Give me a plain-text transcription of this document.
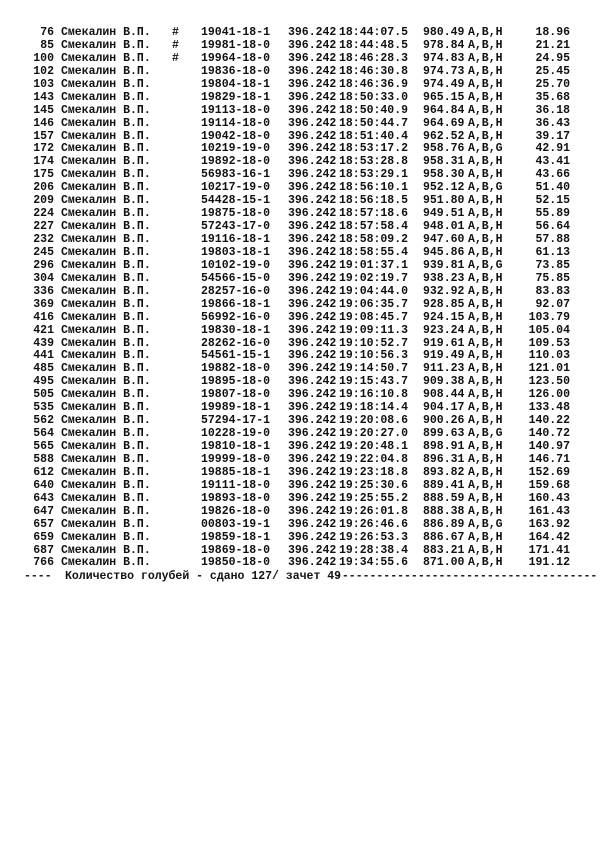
76 Смекалин В.П. # 19041-18-1 396.242 18:44:07.5 980.49 А,В,Н	18.96
85 Смекалин В.П. # 19981-18-0 396.242 18:44:48.5 978.84 А,В,Н	21.21
100 Смекалин В.П. # 19964-18-0 396.242 18:46:28.3 974.83 А,В,Н	24.95
102 Смекалин В.П.	19836-18-0 396.242 18:46:30.8 974.73 А,В,Н	25.45
103 Смекалин В.П.	19804-18-1 396.242 18:46:36.9 974.49 А,В,Н	25.70
143 Смекалин В.П.	19829-18-1 396.242 18:50:33.0 965.15 А,В,Н	35.68
145 Смекалин В.П.	19113-18-0 396.242 18:50:40.9 964.84 А,В,Н	36.18
146 Смекалин В.П.	19114-18-0 396.242 18:50:44.7 964.69 А,В,Н	36.43
157 Смекалин В.П.	19042-18-0 396.242 18:51:40.4 962.52 А,В,Н	39.17
172 Смекалин В.П.	10219-19-0 396.242 18:53:17.2 958.76 А,В,G	42.91
174 Смекалин В.П.	19892-18-0 396.242 18:53:28.8 958.31 А,В,Н	43.41
175 Смекалин В.П.	56983-16-1 396.242 18:53:29.1 958.30 А,В,Н	43.66
206 Смекалин В.П.	10217-19-0 396.242 18:56:10.1 952.12 А,В,G	51.40
209 Смекалин В.П.	54428-15-1 396.242 18:56:18.5 951.80 А,В,Н	52.15
224 Смекалин В.П.	19875-18-0 396.242 18:57:18.6 949.51 А,В,Н	55.89
227 Смекалин В.П.	57243-17-0 396.242 18:57:58.4 948.01 А,В,Н	56.64
232 Смекалин В.П.	19116-18-1 396.242 18:58:09.2 947.60 А,В,Н	57.88
245 Смекалин В.П.	19803-18-1 396.242 18:58:55.4 945.86 А,В,Н	61.13
296 Смекалин В.П.	10102-19-0 396.242 19:01:37.1 939.81 А,В,G	73.85
304 Смекалин В.П.	54566-15-0 396.242 19:02:19.7 938.23 А,В,Н	75.85
336 Смекалин В.П.	28257-16-0 396.242 19:04:44.0 932.92 А,В,Н	83.83
369 Смекалин В.П.	19866-18-1 396.242 19:06:35.7 928.85 А,В,Н	92.07
416 Смекалин В.П.	56992-16-0 396.242 19:08:45.7 924.15 А,В,Н	103.79
421 Смекалин В.П.	19830-18-1 396.242 19:09:11.3 923.24 А,В,Н	105.04
439 Смекалин В.П.	28262-16-0 396.242 19:10:52.7 919.61 А,В,Н	109.53
441 Смекалин В.П.	54561-15-1 396.242 19:10:56.3 919.49 А,В,Н	110.03
485 Смекалин В.П.	19882-18-0 396.242 19:14:50.7 911.23 А,В,Н	121.01
495 Смекалин В.П.	19895-18-0 396.242 19:15:43.7 909.38 А,В,Н	123.50
505 Смекалин В.П.	19807-18-0 396.242 19:16:10.8 908.44 А,В,Н	126.00
535 Смекалин В.П.	19989-18-1 396.242 19:18:14.4 904.17 А,В,Н	133.48
562 Смекалин В.П.	57294-17-1 396.242 19:20:08.6 900.26 А,В,Н	140.22
564 Смекалин В.П.	10228-19-0 396.242 19:20:27.0 899.63 А,В,G	140.72
565 Смекалин В.П.	19810-18-1 396.242 19:20:48.1 898.91 А,В,Н	140.97
588 Смекалин В.П.	19999-18-0 396.242 19:22:04.8 896.31 А,В,Н	146.71
612 Смекалин В.П.	19885-18-1 396.242 19:23:18.8 893.82 А,В,Н	152.69
640 Смекалин В.П.	19111-18-0 396.242 19:25:30.6 889.41 А,В,Н	159.68
643 Смекалин В.П.	19893-18-0 396.242 19:25:55.2 888.59 А,В,Н	160.43
647 Смекалин В.П.	19826-18-0 396.242 19:26:01.8 888.38 А,В,Н	161.43
657 Смекалин В.П.	00803-19-1 396.242 19:26:46.6 886.89 А,В,G	163.92
659 Смекалин В.П.	19859-18-1 396.242 19:26:53.3 886.67 А,В,Н	164.42
687 Смекалин В.П.	19869-18-0 396.242 19:28:38.4 883.21 А,В,Н	171.41
766 Смекалин В.П.	19850-18-0 396.242 19:34:55.6 871.00 А,В,Н	191.12

----

Количество голубей - сдано 127/ зачет 49

--------------------------------------
